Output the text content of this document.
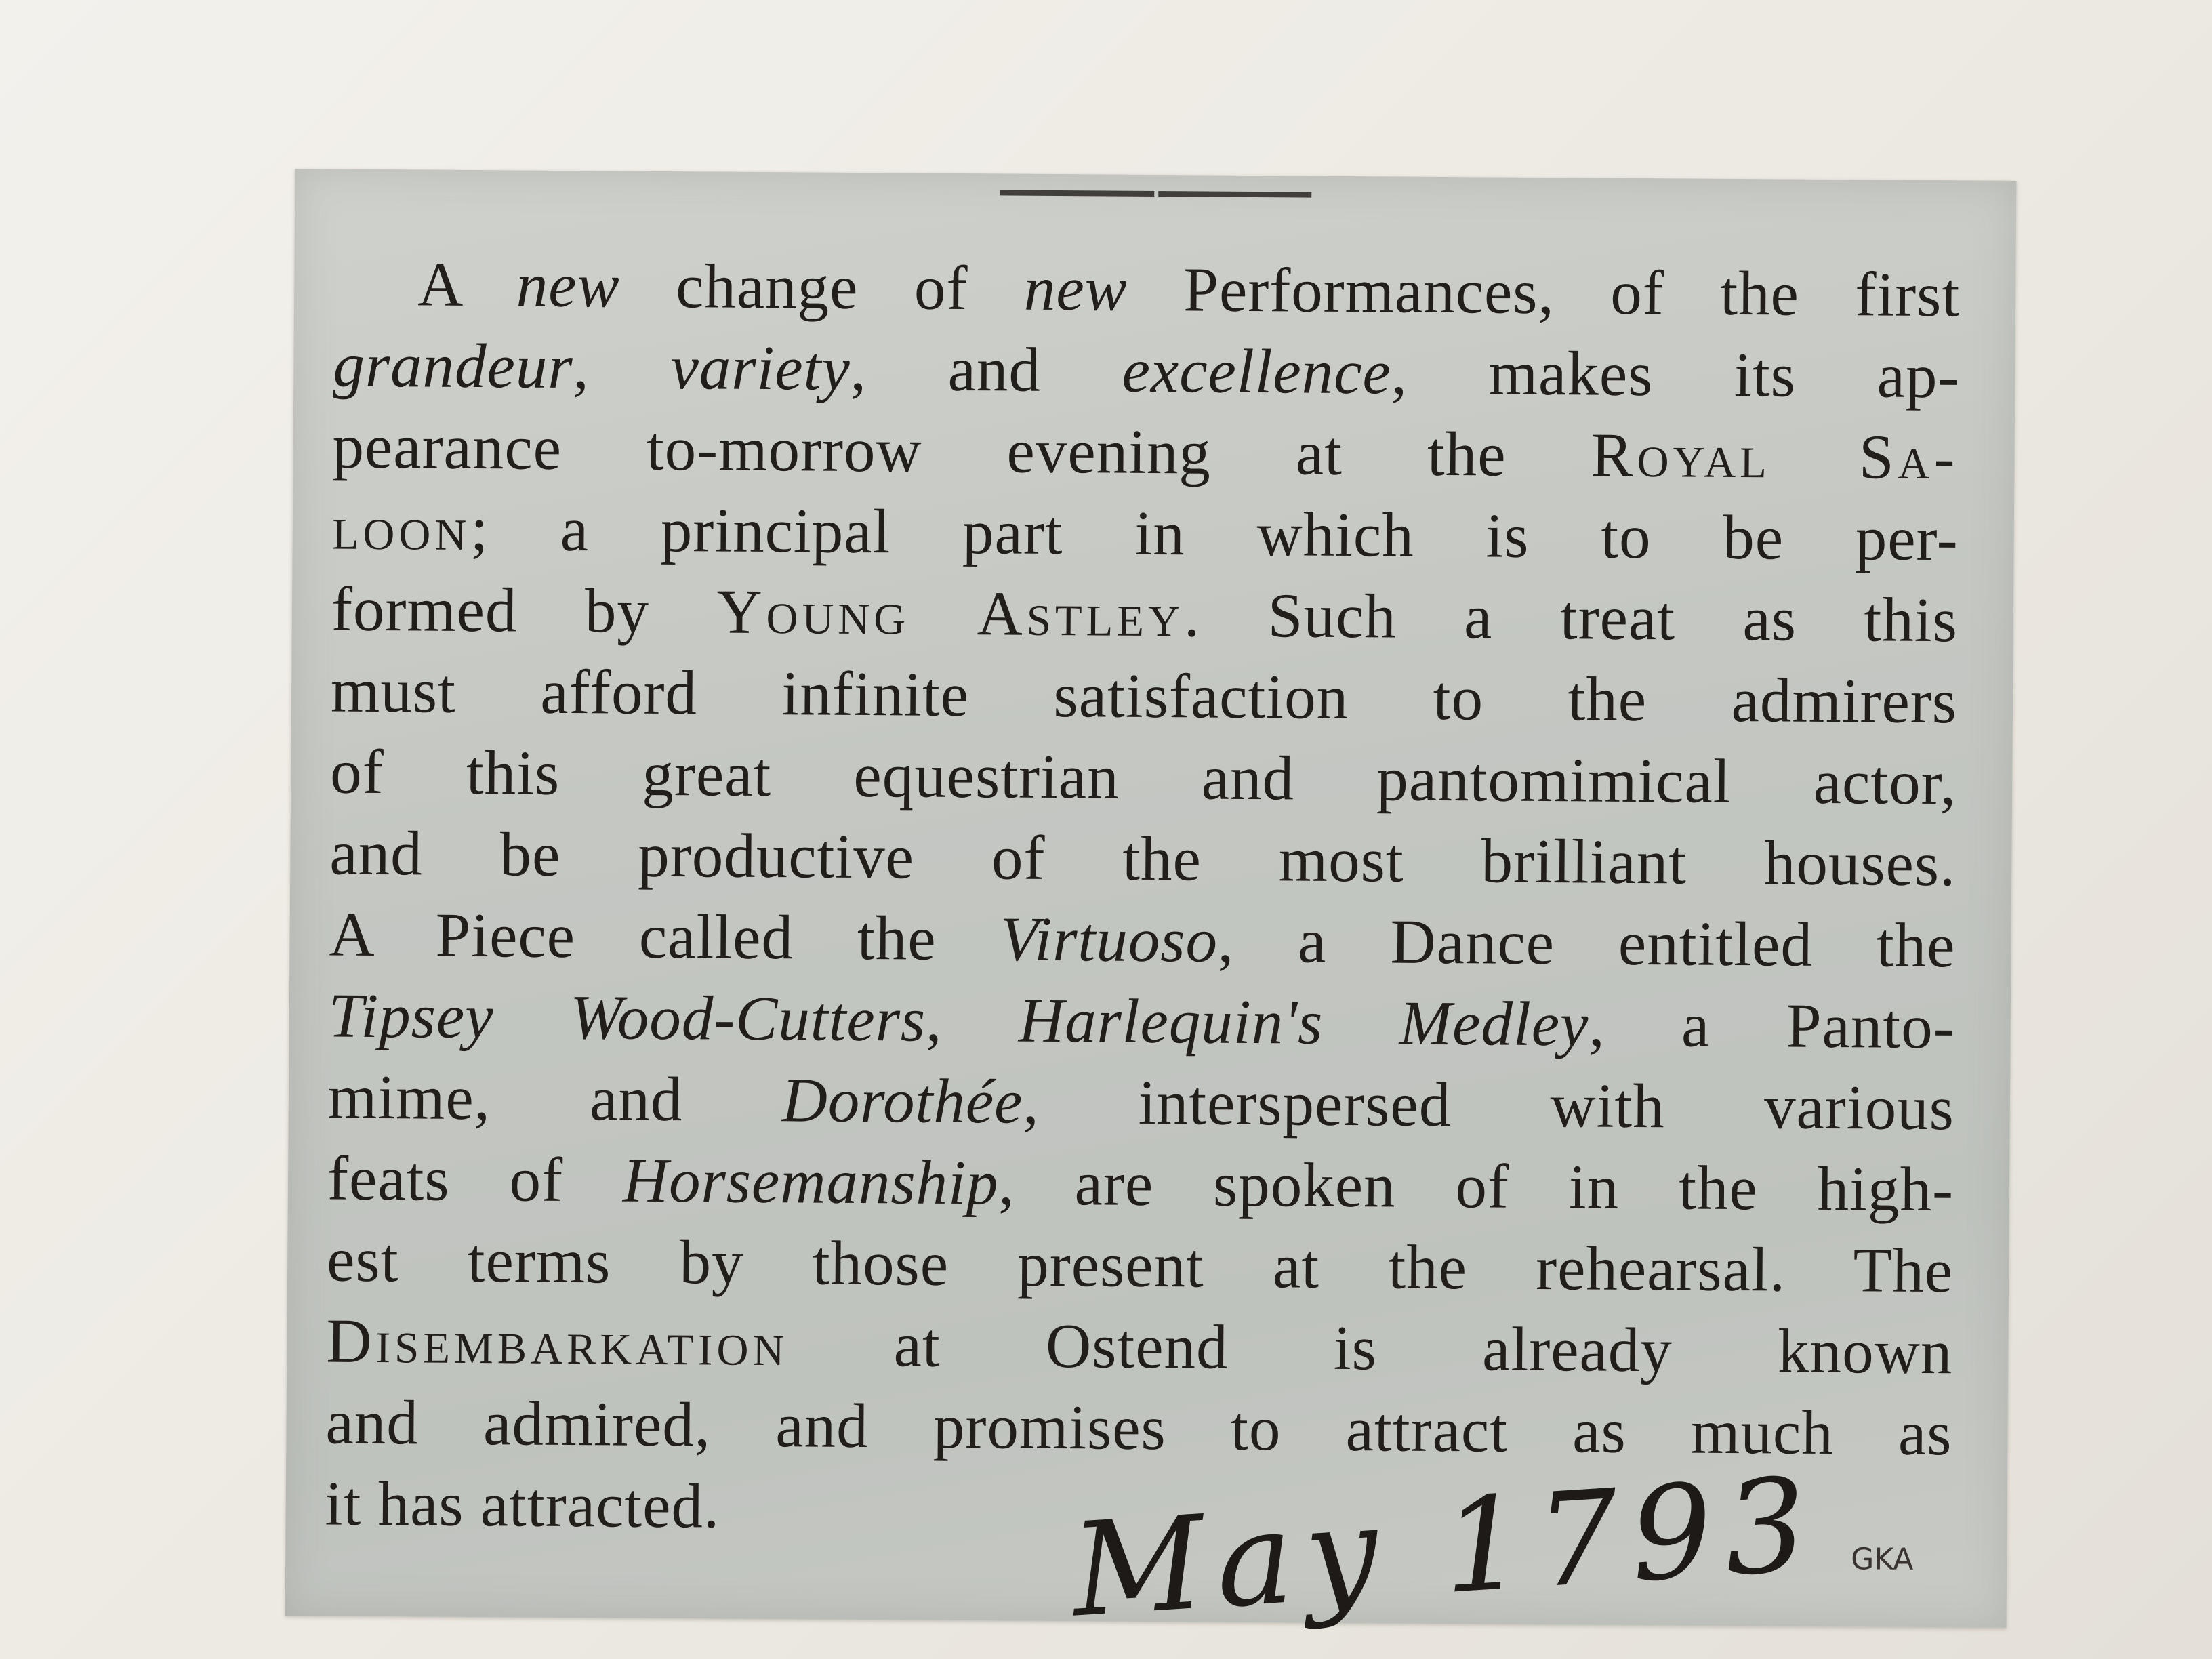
A new change of new Performances, of the first
grandeur, variety, and excellence, makes its ap-
pearance to-morrow evening at the Royal Sa-
loon; a principal part in which is to be per-
formed by Young Astley. Such a treat as this
must afford infinite satisfaction to the admirers
of this great equestrian and pantomimical actor,
and be productive of the most brilliant houses.
A Piece called the Virtuoso, a Dance entitled the
Tipsey Wood-Cutters, Harlequin's Medley, a Panto-
mime, and Dorothée, interspersed with various
feats of Horsemanship, are spoken of in the high-
est terms by those present at the rehearsal. The
Disembarkation at Ostend is already known
and admired, and promises to attract as much as
it has attracted.	May 1793 GKA
